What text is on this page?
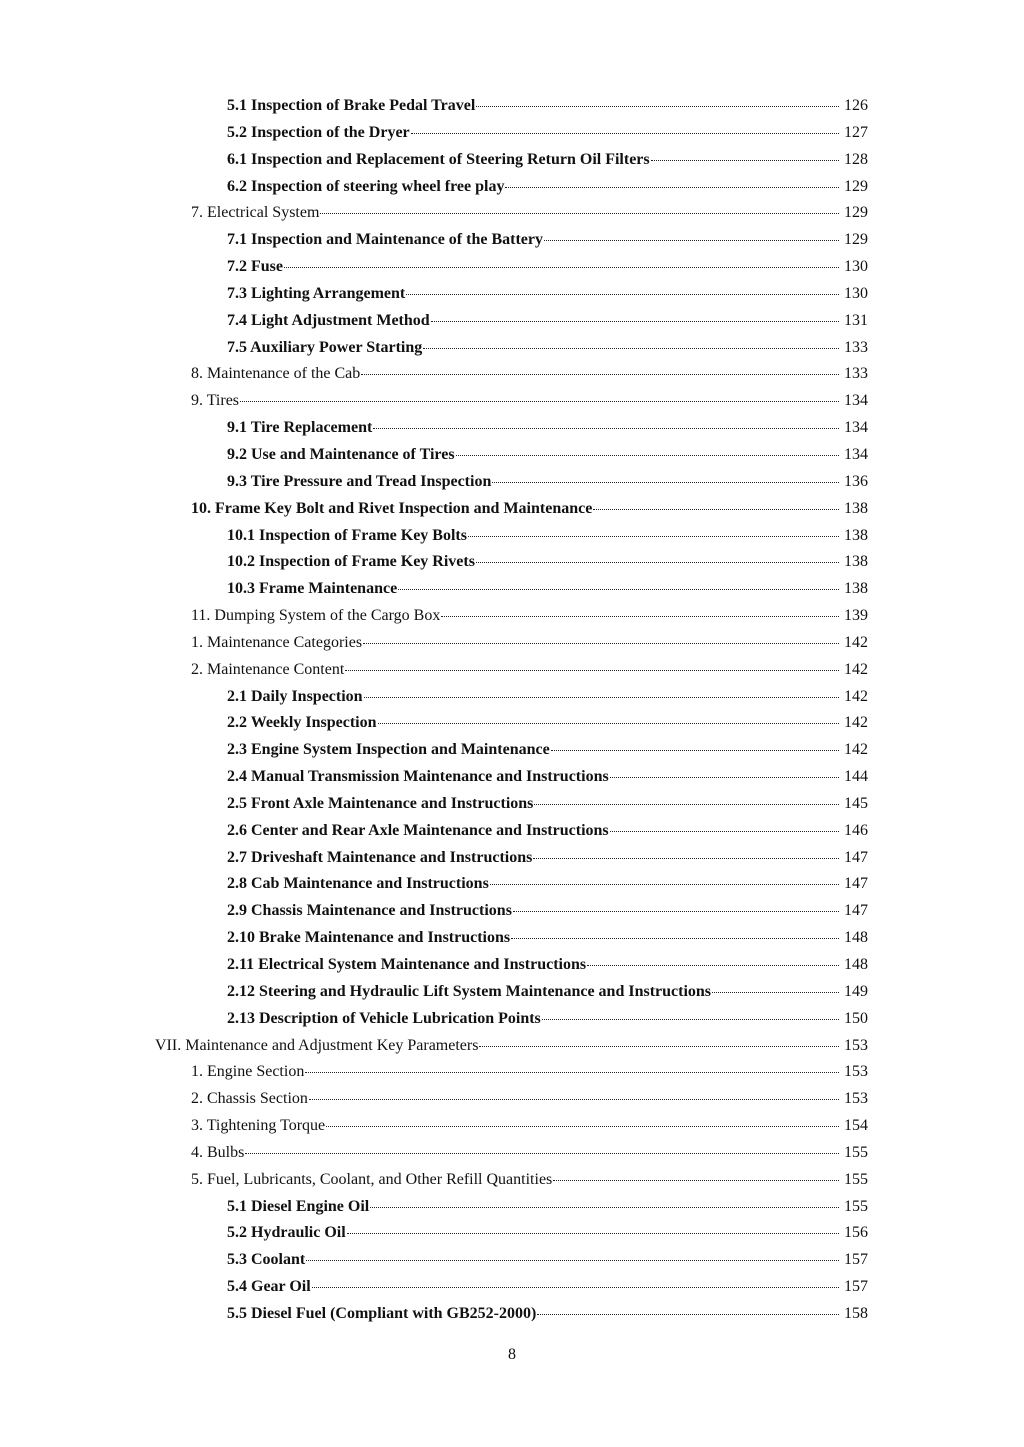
5.1 Inspection of Brake Pedal Travel	126
5.2 Inspection of the Dryer	127
6.1 Inspection and Replacement of Steering Return Oil Filters	128
6.2 Inspection of steering wheel free play	129
7. Electrical System	129
7.1 Inspection and Maintenance of the Battery	129
7.2 Fuse	130
7.3 Lighting Arrangement	130
7.4 Light Adjustment Method	131
7.5 Auxiliary Power Starting	133
8. Maintenance of the Cab	133
9. Tires	134
9.1 Tire Replacement	134
9.2 Use and Maintenance of Tires	134
9.3 Tire Pressure and Tread Inspection	136
10. Frame Key Bolt and Rivet Inspection and Maintenance	138
10.1 Inspection of Frame Key Bolts	138
10.2 Inspection of Frame Key Rivets	138
10.3 Frame Maintenance	138
11. Dumping System of the Cargo Box	139
1. Maintenance Categories	142
2. Maintenance Content	142
2.1 Daily Inspection	142
2.2 Weekly Inspection	142
2.3 Engine System Inspection and Maintenance	142
2.4 Manual Transmission Maintenance and Instructions	144
2.5 Front Axle Maintenance and Instructions	145
2.6 Center and Rear Axle Maintenance and Instructions	146
2.7 Driveshaft Maintenance and Instructions	147
2.8 Cab Maintenance and Instructions	147
2.9 Chassis Maintenance and Instructions	147
2.10 Brake Maintenance and Instructions	148
2.11 Electrical System Maintenance and Instructions	148
2.12 Steering and Hydraulic Lift System Maintenance and Instructions	149
2.13 Description of Vehicle Lubrication Points	150
VII. Maintenance and Adjustment Key Parameters	153
1. Engine Section	153
2. Chassis Section	153
3. Tightening Torque	154
4. Bulbs	155
5. Fuel, Lubricants, Coolant, and Other Refill Quantities	155
5.1 Diesel Engine Oil	155
5.2 Hydraulic Oil	156
5.3 Coolant	157
5.4 Gear Oil	157
5.5 Diesel Fuel (Compliant with GB252-2000)	158
8
